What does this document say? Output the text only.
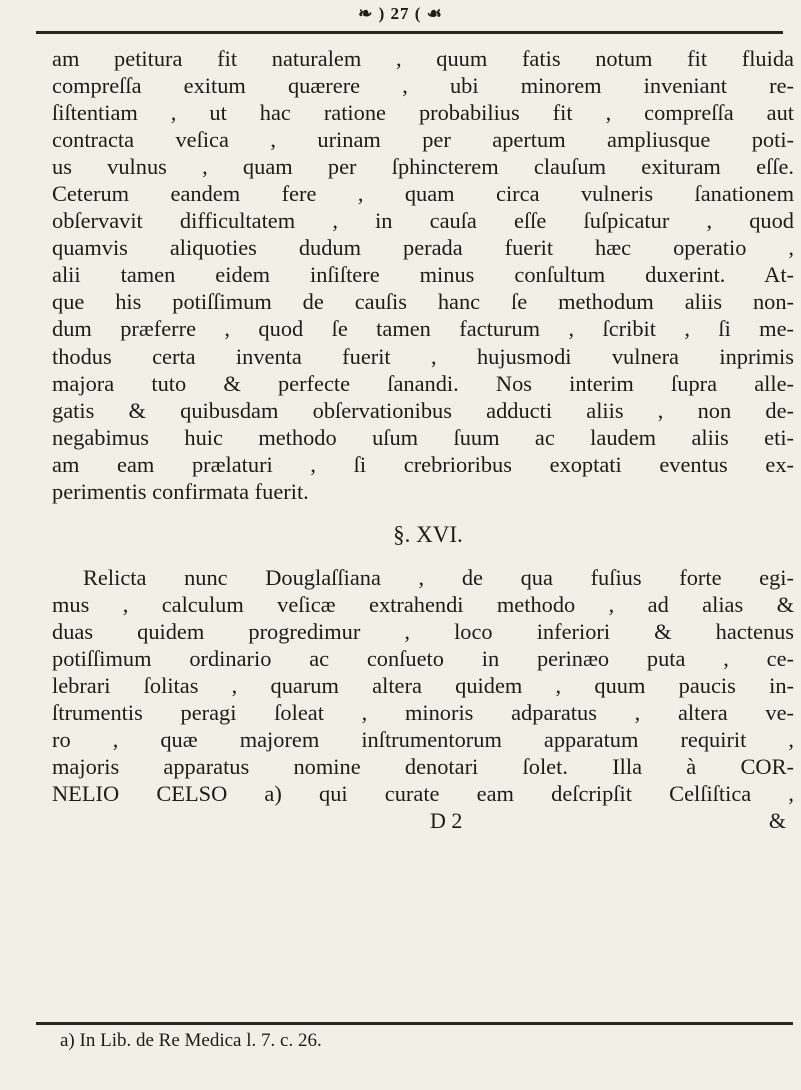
❧ ) 27 ( ☙
am petitura fit naturalem , quum fatis notum fit fluida
compreſſa exitum quærere , ubi minorem inveniant re-
ſiſtentiam , ut hac ratione probabilius fit , compreſſa aut
contracta veſica , urinam per apertum ampliusque poti-
us vulnus , quam per ſphincterem clauſum exituram eſſe.
Ceterum eandem fere , quam circa vulneris ſanationem
obſervavit difficultatem , in cauſa eſſe ſuſpicatur , quod
quamvis aliquoties dudum perada fuerit hæc operatio ,
alii tamen eidem inſiſtere minus conſultum duxerint. At-
que his potiſſimum de cauſis hanc ſe methodum aliis non-
dum præferre , quod ſe tamen facturum , ſcribit , ſi me-
thodus certa inventa fuerit , hujusmodi vulnera inprimis
majora tuto & perfecte ſanandi. Nos interim ſupra alle-
gatis & quibusdam obſervationibus adducti aliis , non de-
negabimus huic methodo uſum ſuum ac laudem aliis eti-
am eam prælaturi , ſi crebrioribus exoptati eventus ex-
perimentis confirmata fuerit.
§. XVI.
Relicta nunc Douglaſſiana , de qua fuſius forte egi-
mus , calculum veſicæ extrahendi methodo , ad alias &
duas quidem progredimur , loco inferiori & hactenus
potiſſimum ordinario ac conſueto in perinæo puta , ce-
lebrari ſolitas , quarum altera quidem , quum paucis in-
ſtrumentis peragi ſoleat , minoris adparatus , altera ve-
ro , quæ majorem inſtrumentorum apparatum requirit ,
majoris apparatus nomine denotari ſolet. Illa à COR-
NELIO CELSO a) qui curate eam deſcripſit Celſiſtica ,
D 2	&
a) In Lib. de Re Medica l. 7. c. 26.
